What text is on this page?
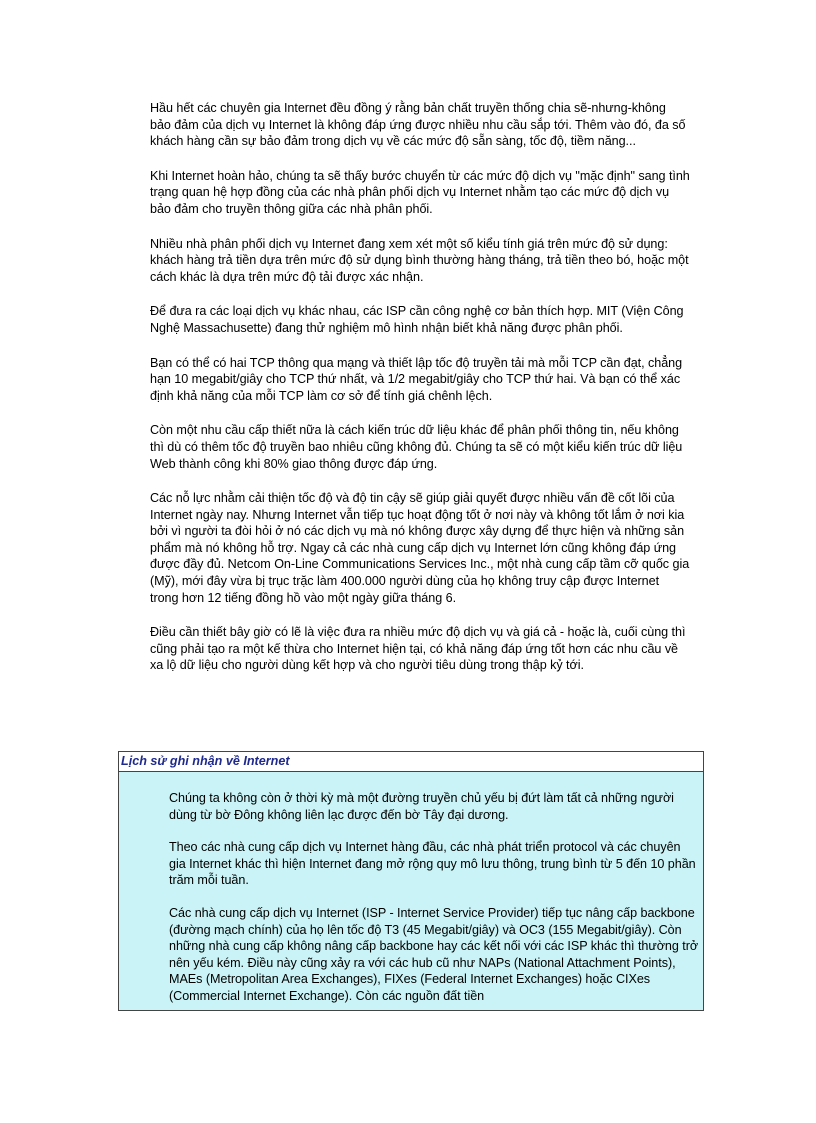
Hầu hết các chuyên gia Internet đều đồng ý rằng bản chất truyền thống chia sẽ-nhưng-không bảo đảm của dịch vụ Internet là không đáp ứng được nhiều nhu cầu sắp tới. Thêm vào đó, đa số khách hàng cần sự bảo đảm trong dịch vụ về các mức độ sẵn sàng, tốc độ, tiềm năng...

Khi Internet hoàn hảo, chúng ta sẽ thấy bước chuyển từ các mức độ dịch vụ "mặc định" sang tình trạng quan hệ hợp đồng của các nhà phân phối dịch vụ Internet nhằm tạo các mức độ dịch vụ bảo đảm cho truyền thông giữa các nhà phân phối.

Nhiều nhà phân phối dịch vụ Internet đang xem xét một số kiểu tính giá trên mức độ sử dụng: khách hàng trả tiền dựa trên mức độ sử dụng bình thường hàng tháng, trả tiền theo bó, hoặc một cách khác là dựa trên mức độ tải được xác nhận.

Để đưa ra các loại dịch vụ khác nhau, các ISP cần công nghệ cơ bản thích hợp. MIT (Viện Công Nghệ Massachusette) đang thử nghiệm mô hình nhận biết khả năng được phân phối.

Bạn có thể có hai TCP thông qua mạng và thiết lập tốc độ truyền tải mà mỗi TCP cần đạt, chẳng hạn 10 megabit/giây cho TCP thứ nhất, và 1/2 megabit/giây cho TCP thứ hai. Và bạn có thể xác định khả năng của mỗi TCP làm cơ sở để tính giá chênh lệch.

Còn một nhu cầu cấp thiết nữa là cách kiến trúc dữ liệu khác để phân phối thông tin, nếu không thì dù có thêm tốc độ truyền bao nhiêu cũng không đủ. Chúng ta sẽ có một kiểu kiến trúc dữ liệu Web thành công khi 80% giao thông được đáp ứng.

Các nỗ lực nhằm cải thiện tốc độ và độ tin cậy sẽ giúp giải quyết được nhiều vấn đề cốt lõi của Internet ngày nay. Nhưng Internet vẫn tiếp tục hoạt động tốt ở nơi này và không tốt lắm ở nơi kia bởi vì người ta đòi hỏi ở nó các dịch vụ mà nó không được xây dựng để thực hiện và những sản phẩm mà nó không hỗ trợ. Ngay cả các nhà cung cấp dịch vụ Internet lớn cũng không đáp ứng được đầy đủ. Netcom On-Line Communications Services Inc., một nhà cung cấp tầm cỡ quốc gia (Mỹ), mới đây vừa bị trục trặc làm 400.000 người dùng của họ không truy cập được Internet trong hơn 12 tiếng đồng hồ vào một ngày giữa tháng 6.

Điều cần thiết bây giờ có lẽ là việc đưa ra nhiều mức độ dịch vụ và giá cả - hoặc là, cuối cùng thì cũng phải tạo ra một kế thừa cho Internet hiện tại, có khả năng đáp ứng tốt hơn các nhu cầu về xa lộ dữ liệu cho người dùng kết hợp và cho người tiêu dùng trong thập kỷ tới.

Lịch sử ghi nhận về Internet

Chúng ta không còn ở thời kỳ mà một đường truyền chủ yếu bị đứt làm tất cả những người dùng từ bờ Đông không liên lạc được đến bờ Tây đại dương.

Theo các nhà cung cấp dịch vụ Internet hàng đầu, các nhà phát triển protocol và các chuyên gia Internet khác thì hiện Internet đang mở rộng quy mô lưu thông, trung bình từ 5 đến 10 phần trăm mỗi tuần.

Các nhà cung cấp dịch vụ Internet (ISP - Internet Service Provider) tiếp tục nâng cấp backbone (đường mạch chính) của họ lên tốc độ T3 (45 Megabit/giây) và OC3 (155 Megabit/giây). Còn những nhà cung cấp không nâng cấp backbone hay các kết nối với các ISP khác thì thường trở nên yếu kém. Điều này cũng xảy ra với các hub cũ như NAPs (National Attachment Points), MAEs (Metropolitan Area Exchanges), FIXes (Federal Internet Exchanges) hoặc CIXes (Commercial Internet Exchange). Còn các nguồn đất tiền
